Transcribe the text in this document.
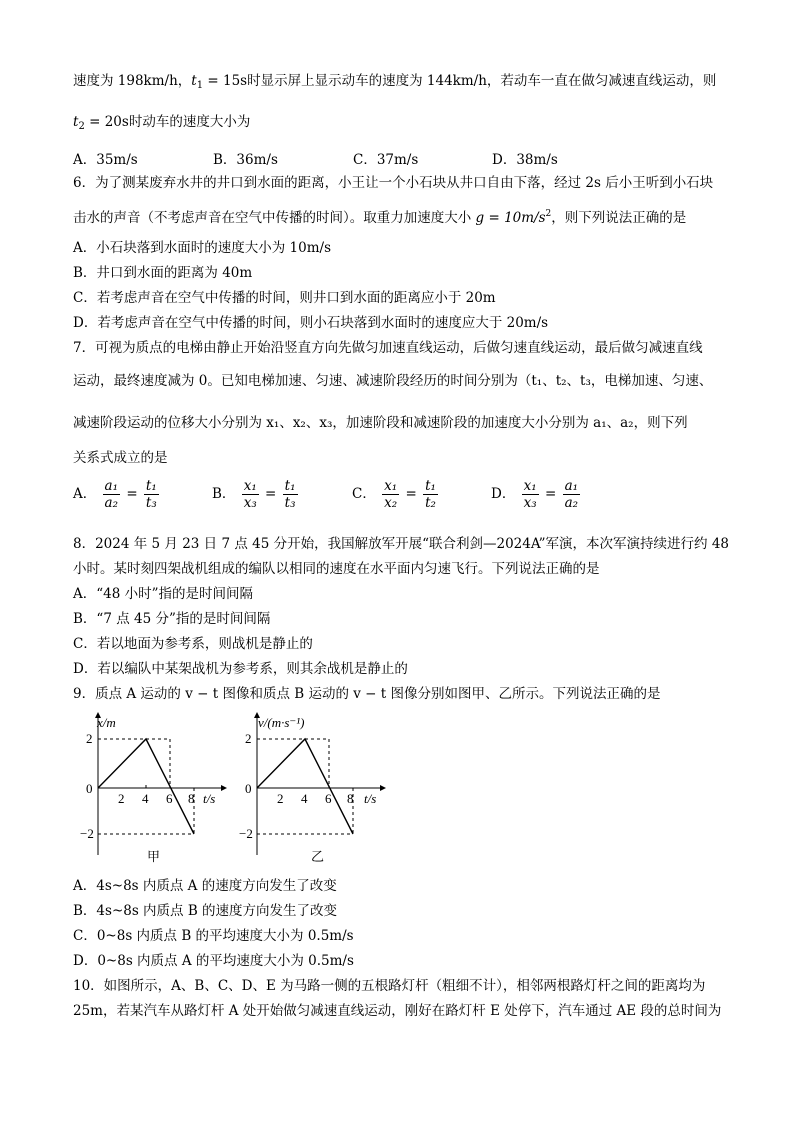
速度为 198km/h，$t_1 = 15s$时显示屏上显示动车的速度为 144km/h，若动车一直在做匀减速直线运动，则
$t_2 = 20s$时动车的速度大小为
A．35m/s	B．36m/s	C．37m/s	D．38m/s
6．为了测某废弃水井的井口到水面的距离，小王让一个小石块从井口自由下落，经过 2s 后小王听到小石块
击水的声音（不考虑声音在空气中传播的时间）。取重力加速度大小 $g = 10m/s^2$，则下列说法正确的是
A．小石块落到水面时的速度大小为 10m/s
B．井口到水面的距离为 40m
C．若考虑声音在空气中传播的时间，则井口到水面的距离应小于 20m
D．若考虑声音在空气中传播的时间，则小石块落到水面时的速度应大于 20m/s
7．可视为质点的电梯由静止开始沿竖直方向先做匀加速直线运动，后做匀速直线运动，最后做匀减速直线
运动，最终速度减为 0。已知电梯加速、匀速、减速阶段经历的时间分别为（t₁、t₂、t₃，电梯加速、匀速、
减速阶段运动的位移大小分别为 x₁、x₂、x₃，加速阶段和减速阶段的加速度大小分别为 a₁、a₂，则下列
关系式成立的是
A． $\frac{\text{a₁}}{\text{a₂}} = \frac{\text{t₁}}{\text{t₃}}$	B． $\frac{\text{x₁}}{\text{x₃}} = \frac{\text{t₁}}{\text{t₃}}$	C． $\frac{\text{x₁}}{\text{x₂}} = \frac{\text{t₁}}{\text{t₂}}$	D． $\frac{\text{x₁}}{\text{x₃}} = \frac{\text{a₁}}{\text{a₂}}$
8．2024 年 5 月 23 日 7 点 45 分开始，我国解放军开展“联合利剑—2024A”军演，本次军演持续进行约 48
小时。某时刻四架战机组成的编队以相同的速度在水平面内匀速飞行。下列说法正确的是
A．“48 小时”指的是时间间隔
B．“7 点 45 分”指的是时间间隔
C．若以地面为参考系，则战机是静止的
D．若以编队中某架战机为参考系，则其余战机是静止的
9．质点 A 运动的 v − t 图像和质点 B 运动的 v − t 图像分别如图甲、乙所示。下列说法正确的是
x/m
2
−2
0
2 4 6 8 t/s
甲
v/(m·s⁻¹)
2
−2
0
2 4 6 8 t/s
乙
A．4s~8s 内质点 A 的速度方向发生了改变
B．4s~8s 内质点 B 的速度方向发生了改变
C．0~8s 内质点 B 的平均速度大小为 0.5m/s
D．0~8s 内质点 A 的平均速度大小为 0.5m/s
10．如图所示，A、B、C、D、E 为马路一侧的五根路灯杆（粗细不计），相邻两根路灯杆之间的距离均为
25m，若某汽车从路灯杆 A 处开始做匀减速直线运动，刚好在路灯杆 E 处停下，汽车通过 AE 段的总时间为
